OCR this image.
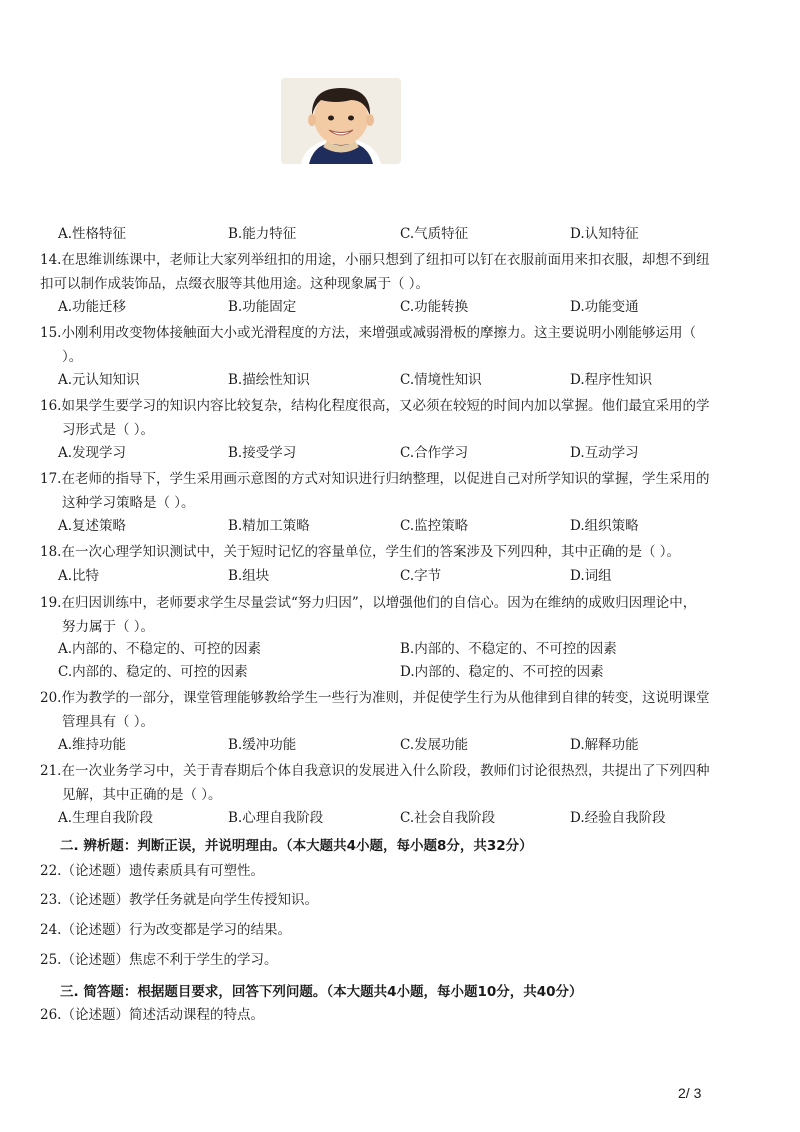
A.性格特征	B.能力特征	C.气质特征	D.认知特征
14.在思维训练课中，老师让大家列举纽扣的用途，小丽只想到了纽扣可以钉在衣服前面用来扣衣服，却想不到纽
扣可以制作成装饰品，点缀衣服等其他用途。这种现象属于（ ）。
A.功能迁移	B.功能固定	C.功能转换	D.功能变通
15.小刚利用改变物体接触面大小或光滑程度的方法，来增强或减弱滑板的摩擦力。这主要说明小刚能够运用（
）。
A.元认知知识	B.描绘性知识	C.情境性知识	D.程序性知识
16.如果学生要学习的知识内容比较复杂，结构化程度很高，又必须在较短的时间内加以掌握。他们最宜采用的学
习形式是（ ）。
A.发现学习	B.接受学习	C.合作学习	D.互动学习
17.在老师的指导下，学生采用画示意图的方式对知识进行归纳整理，以促进自己对所学知识的掌握，学生采用的
这种学习策略是（ ）。
A.复述策略	B.精加工策略	C.监控策略	D.组织策略
18.在一次心理学知识测试中，关于短时记忆的容量单位，学生们的答案涉及下列四种，其中正确的是（ ）。
A.比特	B.组块	C.字节	D.词组
19.在归因训练中，老师要求学生尽量尝试“努力归因”，以增强他们的自信心。因为在维纳的成败归因理论中，
努力属于（ ）。
A.内部的、不稳定的、可控的因素	B.内部的、不稳定的、不可控的因素
C.内部的、稳定的、可控的因素	D.内部的、稳定的、不可控的因素
20.作为教学的一部分，课堂管理能够教给学生一些行为准则，并促使学生行为从他律到自律的转变，这说明课堂
管理具有（ ）。
A.维持功能	B.缓冲功能	C.发展功能	D.解释功能
21.在一次业务学习中，关于青春期后个体自我意识的发展进入什么阶段，教师们讨论很热烈，共提出了下列四种
见解，其中正确的是（ ）。
A.生理自我阶段	B.心理自我阶段	C.社会自我阶段	D.经验自我阶段
二. 辨析题：判断正误，并说明理由。（本大题共4小题，每小题8分，共32分）
22.（论述题）遗传素质具有可塑性。
23.（论述题）教学任务就是向学生传授知识。
24.（论述题）行为改变都是学习的结果。
25.（论述题）焦虑不利于学生的学习。
三. 简答题：根据题目要求，回答下列问题。（本大题共4小题，每小题10分，共40分）
26.（论述题）简述活动课程的特点。
2/ 3
